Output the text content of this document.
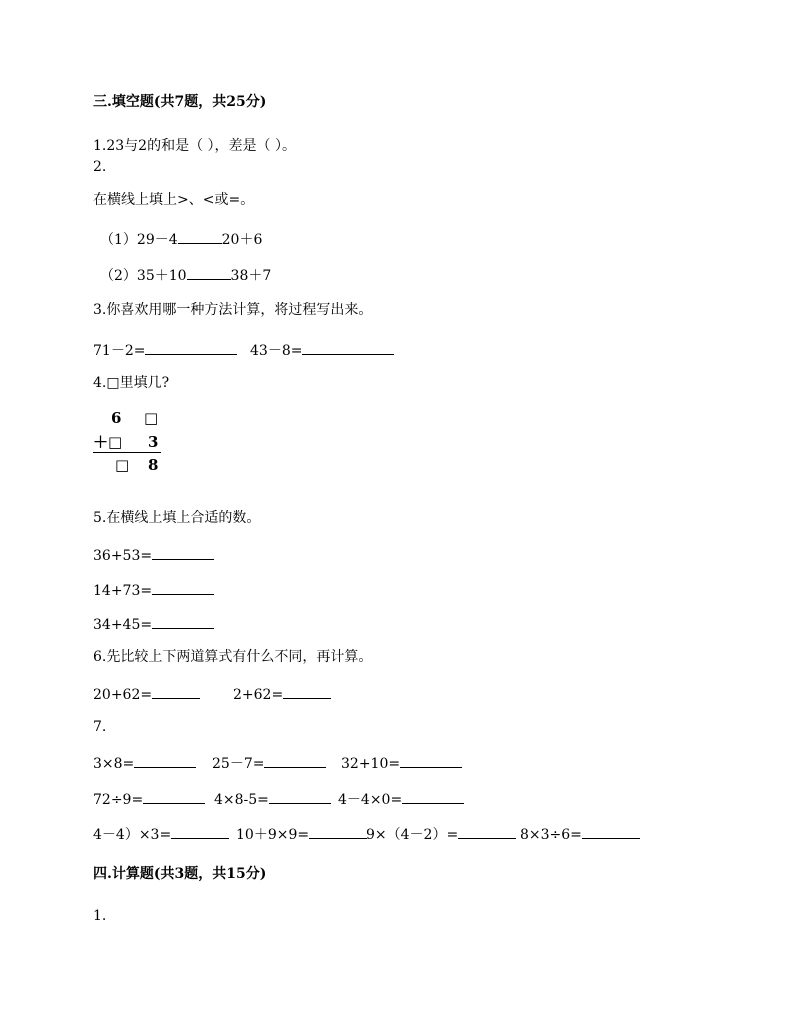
三.填空题(共7题，共25分)
1.23与2的和是（ ），差是（ ）。
2.
在横线上填上>、<或=。
（1）29－4	20＋6
（2）35＋10	38＋7
3.你喜欢用哪一种方法计算，将过程写出来。
71－2=	43－8=
4.□里填几?
6 □
＋□ 3
□ 8
5.在横线上填上合适的数。
36+53=
14+73=
34+45=
6.先比较上下两道算式有什么不同，再计算。
20+62=	2+62=
7.
3×8=	25－7=	32+10=
72÷9=	4×8-5=	4－4×0=
4－4）×3=	10＋9×9=	9×（4－2）=	8×3÷6=
四.计算题(共3题，共15分)
1.
